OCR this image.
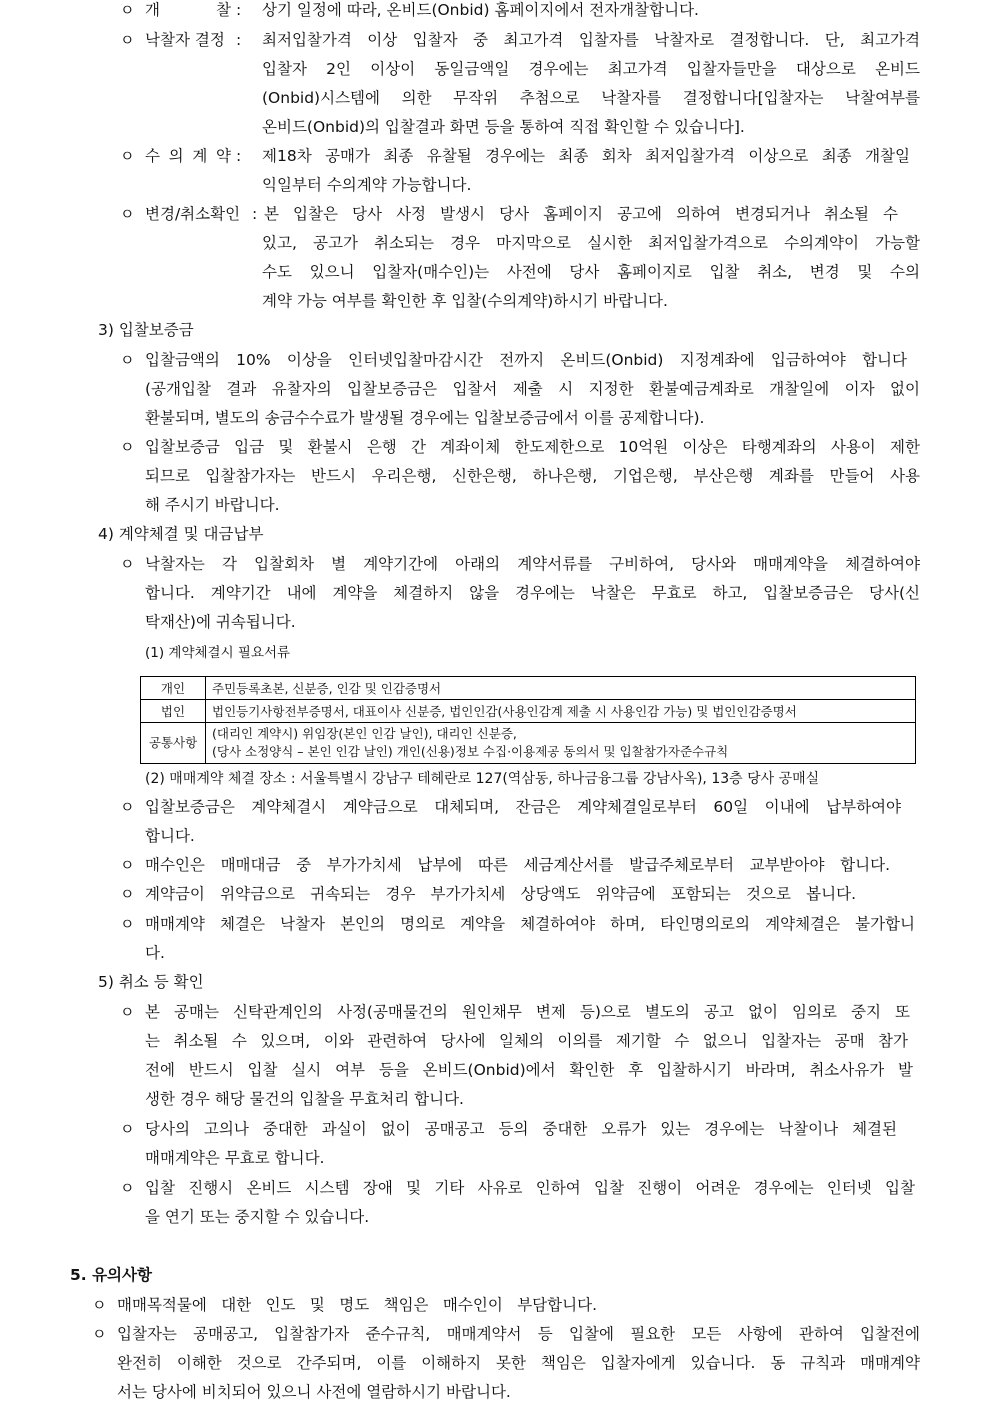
ㅇ 개 찰 : 상기 일정에 따라, 온비드(Onbid) 홈페이지에서 전자개찰합니다.
ㅇ 낙찰자 결정 : 최저입찰가격 이상 입찰자 중 최고가격 입찰자를 낙찰자로 결정합니다. 단, 최고가격
입찰자 2인 이상이 동일금액일 경우에는 최고가격 입찰자들만을 대상으로 온비드
(Onbid)시스템에 의한 무작위 추첨으로 낙찰자를 결정합니다[입찰자는 낙찰여부를
온비드(Onbid)의 입찰결과 화면 등을 통하여 직접 확인할 수 있습니다].
ㅇ 수 의 계 약 : 제18차 공매가 최종 유찰될 경우에는 최종 회차 최저입찰가격 이상으로 최종 개찰일
익일부터 수의계약 가능합니다.
ㅇ 변경/취소확인 : 본 입찰은 당사 사정 발생시 당사 홈페이지 공고에 의하여 변경되거나 취소될 수
있고, 공고가 취소되는 경우 마지막으로 실시한 최저입찰가격으로 수의계약이 가능할
수도 있으니 입찰자(매수인)는 사전에 당사 홈페이지로 입찰 취소, 변경 및 수의
계약 가능 여부를 확인한 후 입찰(수의계약)하시기 바랍니다.
3) 입찰보증금
ㅇ 입찰금액의 10% 이상을 인터넷입찰마감시간 전까지 온비드(Onbid) 지정계좌에 입금하여야 합니다
(공개입찰 결과 유찰자의 입찰보증금은 입찰서 제출 시 지정한 환불예금계좌로 개찰일에 이자 없이
환불되며, 별도의 송금수수료가 발생될 경우에는 입찰보증금에서 이를 공제합니다).
ㅇ 입찰보증금 입금 및 환불시 은행 간 계좌이체 한도제한으로 10억원 이상은 타행계좌의 사용이 제한
되므로 입찰참가자는 반드시 우리은행, 신한은행, 하나은행, 기업은행, 부산은행 계좌를 만들어 사용
해 주시기 바랍니다.
4) 계약체결 및 대금납부
ㅇ 낙찰자는 각 입찰회차 별 계약기간에 아래의 계약서류를 구비하여, 당사와 매매계약을 체결하여야
합니다. 계약기간 내에 계약을 체결하지 않을 경우에는 낙찰은 무효로 하고, 입찰보증금은 당사(신
탁재산)에 귀속됩니다.
(1) 계약체결시 필요서류
개인	주민등록초본, 신분증, 인감 및 인감증명서
법인	법인등기사항전부증명서, 대표이사 신분증, 법인인감(사용인감계 제출 시 사용인감 가능) 및 법인인감증명서
공통사항	(대리인 계약시) 위임장(본인 인감 날인), 대리인 신분증,
(당사 소정양식 – 본인 인감 날인) 개인(신용)정보 수집·이용제공 동의서 및 입찰참가자준수규칙
(2) 매매계약 체결 장소 : 서울특별시 강남구 테헤란로 127(역삼동, 하나금융그룹 강남사옥), 13층 당사 공매실
ㅇ 입찰보증금은 계약체결시 계약금으로 대체되며, 잔금은 계약체결일로부터 60일 이내에 납부하여야
합니다.
ㅇ 매수인은 매매대금 중 부가가치세 납부에 따른 세금계산서를 발급주체로부터 교부받아야 합니다.
ㅇ 계약금이 위약금으로 귀속되는 경우 부가가치세 상당액도 위약금에 포함되는 것으로 봅니다.
ㅇ 매매계약 체결은 낙찰자 본인의 명의로 계약을 체결하여야 하며, 타인명의로의 계약체결은 불가합니
다.
5) 취소 등 확인
ㅇ 본 공매는 신탁관계인의 사정(공매물건의 원인채무 변제 등)으로 별도의 공고 없이 임의로 중지 또
는 취소될 수 있으며, 이와 관련하여 당사에 일체의 이의를 제기할 수 없으니 입찰자는 공매 참가
전에 반드시 입찰 실시 여부 등을 온비드(Onbid)에서 확인한 후 입찰하시기 바라며, 취소사유가 발
생한 경우 해당 물건의 입찰을 무효처리 합니다.
ㅇ 당사의 고의나 중대한 과실이 없이 공매공고 등의 중대한 오류가 있는 경우에는 낙찰이나 체결된
매매계약은 무효로 합니다.
ㅇ 입찰 진행시 온비드 시스템 장애 및 기타 사유로 인하여 입찰 진행이 어려운 경우에는 인터넷 입찰
을 연기 또는 중지할 수 있습니다.
5. 유의사항
ㅇ 매매목적물에 대한 인도 및 명도 책임은 매수인이 부담합니다.
ㅇ 입찰자는 공매공고, 입찰참가자 준수규칙, 매매계약서 등 입찰에 필요한 모든 사항에 관하여 입찰전에
완전히 이해한 것으로 간주되며, 이를 이해하지 못한 책임은 입찰자에게 있습니다. 동 규칙과 매매계약
서는 당사에 비치되어 있으니 사전에 열람하시기 바랍니다.
